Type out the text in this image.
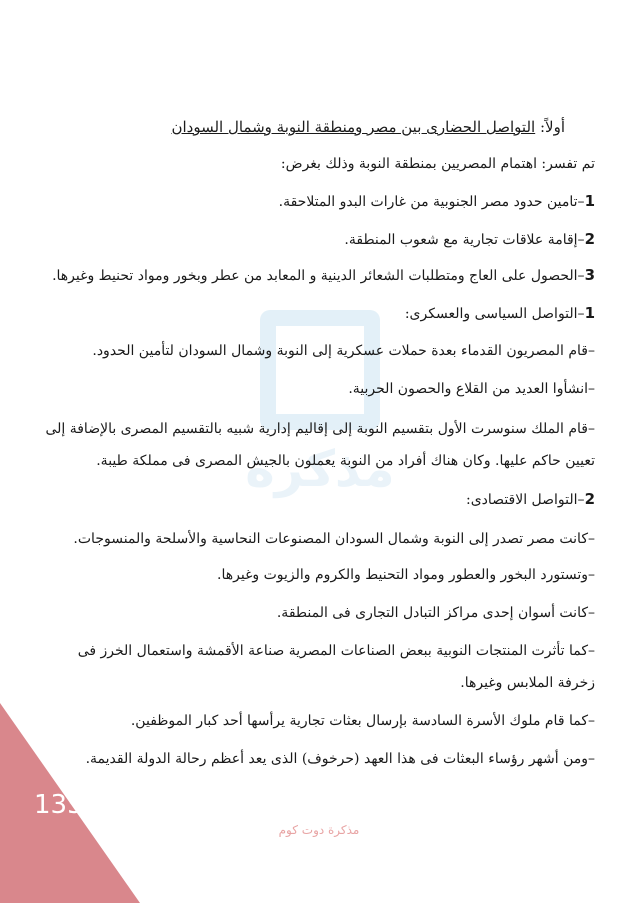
مذكرة
أولاً: التواصل الحضارى بين مصر ومنطقة النوبة وشمال السودان
تم تفسر: اهتمام المصريين بمنطقة النوبة وذلك بغرض:
1–تامين حدود مصر الجنوبية من غارات البدو المتلاحقة.
2–إقامة علاقات تجارية مع شعوب المنطقة.
3–الحصول على العاج ومتطلبات الشعائر الدينية و المعابد من عطر وبخور ومواد تحنيط وغيرها.
1–التواصل السياسى والعسكرى:
–قام المصريون القدماء بعدة حملات عسكرية إلى النوبة وشمال السودان لتأمين الحدود.
–انشأوا العديد من القلاع والحصون الحربية.
–قام الملك سنوسرت الأول بتقسيم النوبة إلى إقاليم إدارية شبيه بالتقسيم المصرى بالإضافة إلى
تعيين حاكم عليها. وكان هناك أفراد من النوبة يعملون بالجيش المصرى فى مملكة طيبة.
2–التواصل الاقتصادى:
–كانت مصر تصدر إلى النوبة وشمال السودان المصنوعات النحاسية والأسلحة والمنسوجات.
–وتستورد البخور والعطور ومواد التحنيط والكروم والزيوت وغيرها.
–كانت أسوان إحدى مراكز التبادل التجارى فى المنطقة.
–كما تأثرت المنتجات النوبية ببعض الصناعات المصرية صناعة الأقمشة واستعمال الخرز فى
زخرفة الملابس وغيرها.
–كما قام ملوك الأسرة السادسة بإرسال بعثات تجارية يرأسها أحد كبار الموظفين.
–ومن أشهر رؤساء البعثات فى هذا العهد (حرخوف) الذى يعد أعظم رحالة الدولة القديمة.
135
مذكرة دوت كوم
